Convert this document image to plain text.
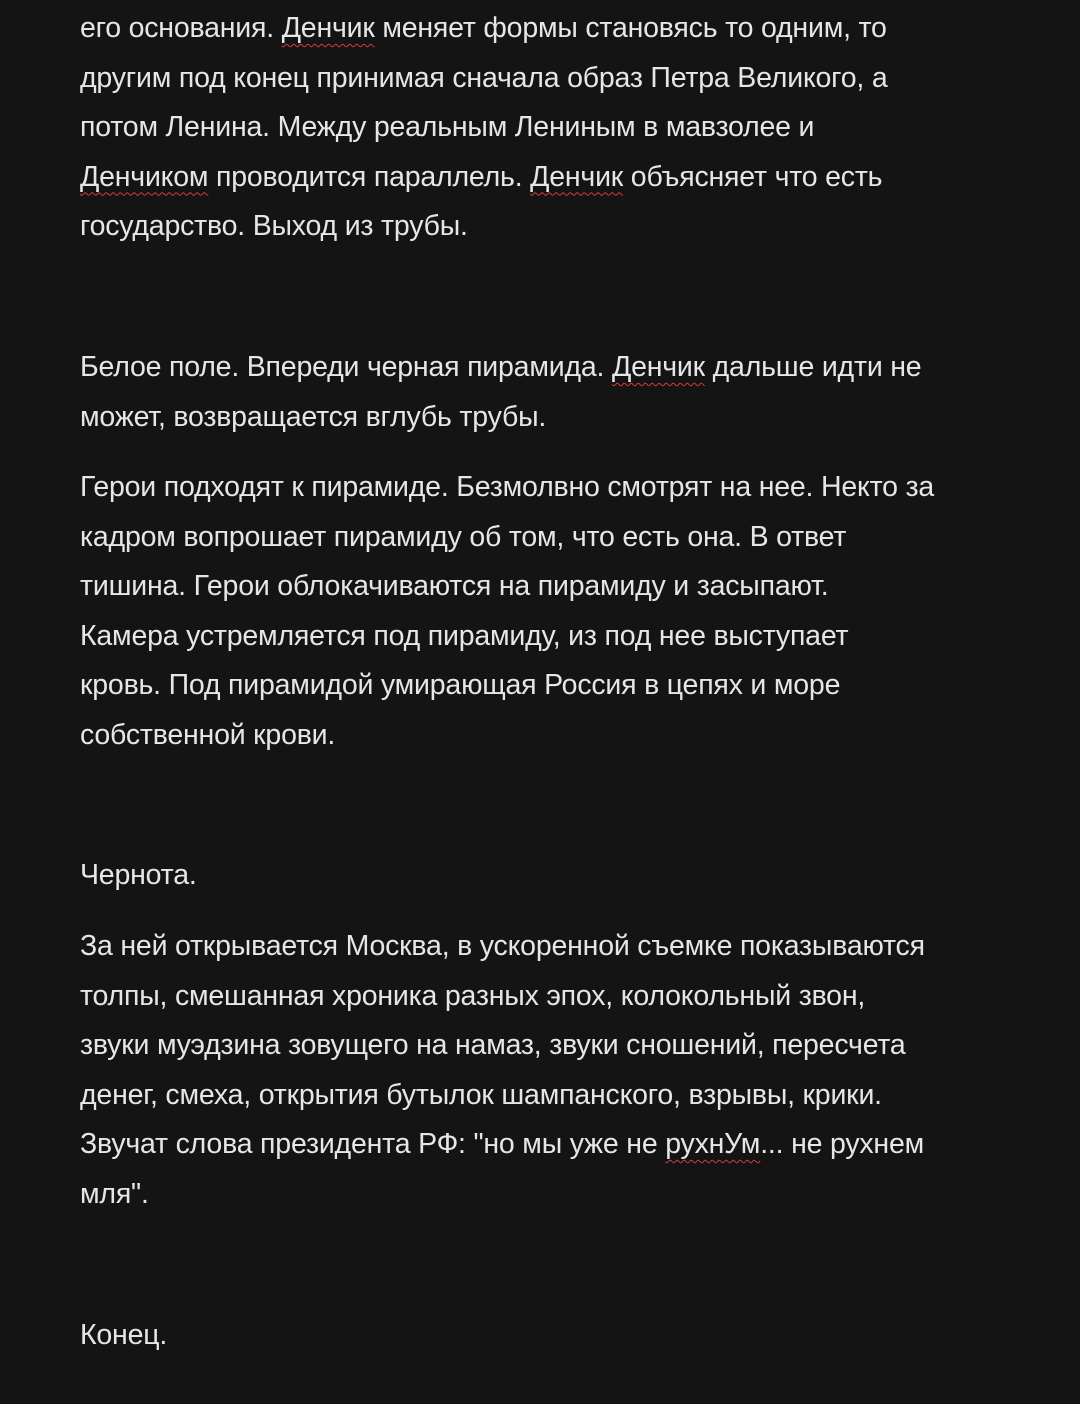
его основания. Денчик меняет формы становясь то одним, то
другим под конец принимая сначала образ Петра Великого, а
потом Ленина. Между реальным Лениным в мавзолее и
Денчиком проводится параллель. Денчик объясняет что есть
государство. Выход из трубы.
Белое поле. Впереди черная пирамида. Денчик дальше идти не
может, возвращается вглубь трубы.
Герои подходят к пирамиде. Безмолвно смотрят на нее. Некто за
кадром вопрошает пирамиду об том, что есть она. В ответ
тишина. Герои облокачиваются на пирамиду и засыпают.
Камера устремляется под пирамиду, из под нее выступает
кровь. Под пирамидой умирающая Россия в цепях и море
собственной крови.
Чернота.
За ней открывается Москва, в ускоренной съемке показываются
толпы, смешанная хроника разных эпох, колокольный звон,
звуки муэдзина зовущего на намаз, звуки сношений, пересчета
денег, смеха, открытия бутылок шампанского, взрывы, крики.
Звучат слова президента РФ: "но мы уже не рухнУм... не рухнем
мля".
Конец.
